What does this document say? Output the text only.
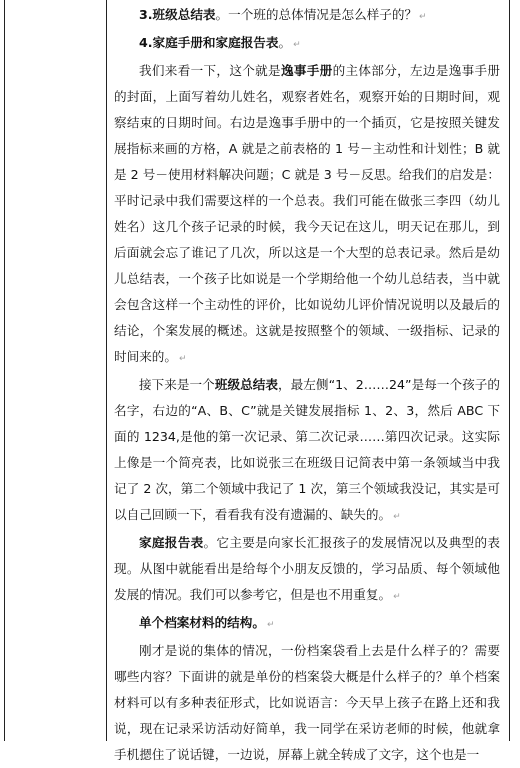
3.班级总结表。一个班的总体情况是怎么样子的？ ↵

4.家庭手册和家庭报告表。 ↵

我们来看一下，这个就是逸事手册的主体部分，左边是逸事手册的封面，上面写着幼儿姓名，观察者姓名，观察开始的日期时间，观察结束的日期时间。右边是逸事手册中的一个插页，它是按照关键发展指标来画的方格，A 就是之前表格的 1 号－主动性和计划性；B 就是 2 号－使用材料解决问题；C 就是 3 号－反思。给我们的启发是：平时记录中我们需要这样的一个总表。我们可能在做张三李四（幼儿姓名）这几个孩子记录的时候，我今天记在这儿，明天记在那儿，到后面就会忘了谁记了几次，所以这是一个大型的总表记录。然后是幼儿总结表，一个孩子比如说是一个学期给他一个幼儿总结表，当中就会包含这样一个主动性的评价，比如说幼儿评价情况说明以及最后的结论，个案发展的概述。这就是按照整个的领域、一级指标、记录的时间来的。 ↵

接下来是一个班级总结表，最左侧“1、2……24”是每一个孩子的名字，右边的“A、B、C”就是关键发展指标 1、2、3，然后 ABC 下面的 1234,是他的第一次记录、第二次记录……第四次记录。这实际上像是一个简亮表，比如说张三在班级日记简表中第一条领域当中我记了 2 次，第二个领域中我记了 1 次，第三个领域我没记，其实是可以自己回顾一下，看看我有没有遗漏的、缺失的。 ↵

家庭报告表。它主要是向家长汇报孩子的发展情况以及典型的表现。从图中就能看出是给每个小朋友反馈的，学习品质、每个领域他发展的情况。我们可以参考它，但是也不用重复。 ↵

单个档案材料的结构。 ↵

刚才是说的集体的情况，一份档案袋看上去是什么样子的？需要哪些内容？下面讲的就是单份的档案袋大概是什么样子的？单个档案材料可以有多种表征形式，比如说语言：今天早上孩子在路上还和我说，现在记录采访活动好简单，我一同学在采访老师的时候，他就拿手机摁住了说话键，一边说，屏幕上就全转成了文字，这个也是一
